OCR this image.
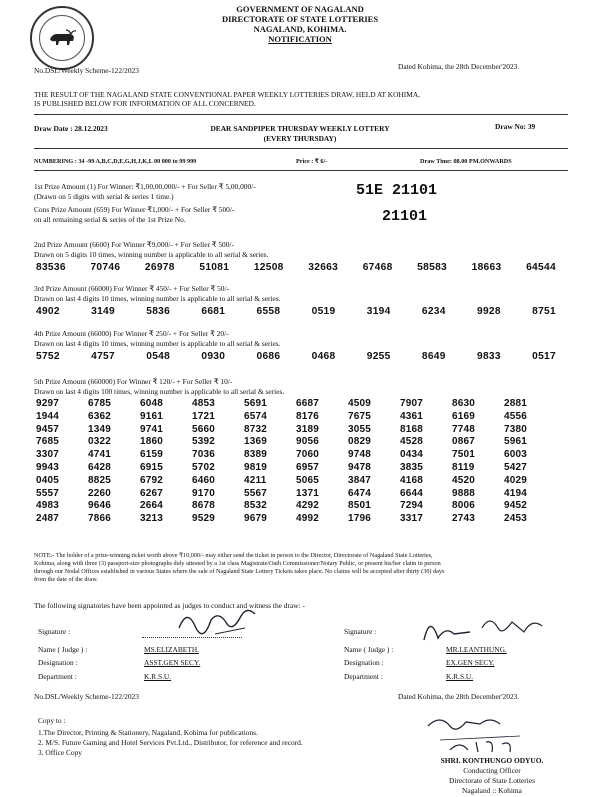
GOVERNMENT OF NAGALAND
DIRECTORATE OF STATE LOTTERIES
NAGALAND, KOHIMA.
NOTIFICATION
No.DSL/Weekly Scheme-122/2023	Dated Kohima, the 28th December'2023.
THE RESULT OF THE NAGALAND STATE CONVENTIONAL PAPER WEEKLY LOTTERIES DRAW, HELD AT KOHIMA,
IS PUBLISHED BELOW FOR INFORMATION OF ALL CONCERNED.
Draw Date : 28.12.2023	DEAR SANDPIPER THURSDAY WEEKLY LOTTERY
(EVERY THURSDAY)
Draw No: 39
NUMBERING : 34 -99 A,B,C,D,E,G,H,J,K,L 00 000 to 99 999	Price : ₹ 6/-	Draw Time: 08.00 PM.ONWARDS
1st Prize Amount (1) For Winner: ₹1,00,00,000/- + For Seller ₹ 5,00,000/-
(Drawn on 5 digits with serial & series 1 time.)	51E 21101
Cons Prize Amount (659) For Winner ₹1,000/- + For Seller ₹ 500/-
on all remaining serial & series of the 1st Prize No.	21101
2nd Prize Amount (6600) For Winner ₹9,000/- + For Seller ₹ 500/-
Drawn on 5 digits 10 times, winning number is applicable to all serial & series.
83536 70746 26978 51081 12508 32663 67468 58583 18663 64544
3rd Prize Amount (66000) For Winner ₹ 450/- + For Seller ₹ 50/-
Drawn on last 4 digits 10 times, winning number is applicable to all serial & series.
4902	3149	5836	6681	6558	0519	3194	6234	9928	8751
4th Prize Amount (66000) For Winner ₹ 250/- + For Seller ₹ 20/-
Drawn on last 4 digits 10 times, winning number is applicable to all serial & series.
5752	4757	0548	0930	0686	0468	9255	8649	9833	0517
5th Prize Amount (660000) For Winner ₹ 120/- + For Seller ₹ 10/-
Drawn on last 4 digits 100 times, winning number is applicable to all serial & series.
9297	6785	6048	4853	5691	6687	4509	7907	8630	2881
1944	6362	9161	1721	6574	8176	7675	4361	6169	4556
9457	1349	9741	5660	8732	3189	3055	8168	7748	7380
7685	0322	1860	5392	1369	9056	0829	4528	0867	5961
3307	4741	6159	7036	8389	7060	9748	0434	7501	6003
9943	6428	6915	5702	9819	6957	9478	3835	8119	5427
0405	8825	6792	6460	4211	5065	3847	4168	4520	4029
5557	2260	6267	9170	5567	1371	6474	6644	9888	4194
4983	9646	2664	8678	8532	4292	8501	7294	8006	9452
2487	7866	3213	9529	9679	4992	1796	3317	2743	2453
NOTE:- The holder of a prize-winning ticket worth above ₹10,000/- may either send the ticket in person to the Director, Directorate of Nagaland State Lotteries,
Kohima, along with three (3) passport-size photographs duly attested by a 1st class Magistrate/Oath Commissioner/Notary Public, or present his/her claim in person
through our Nodal Offices established in various States where the sale of Nagaland State Lottery Tickets takes place. No claims will be accepted after thirty (30) days
from the date of the draw.
The following signatories have been appointed as judges to conduct and witness the draw: -
Signature :
Name ( Judge ) :	MS.ELIZABETH.
Designation :	ASST.GEN SECY.
Department :	K.R.S.U.
Signature :
Name ( Judge ) :	MR.LEANTHUNG.
Designation :	EX.GEN SECY.
Department :	K.R.S.U.
No.DSL/Weekly Scheme-122/2023	Dated Kohima, the 28th December'2023.
Copy to :
1.The Director, Printing & Stationery, Nagaland, Kohima for publications.
2. M/S. Future Gaming and Hotel Services Pvt.Ltd., Distributor, for reference and record.
3. Office Copy
SHRI. KONTHUNGO ODYUO.
Conducting Officer
Directorate of State Lotteries
Nagaland :: Kohima
